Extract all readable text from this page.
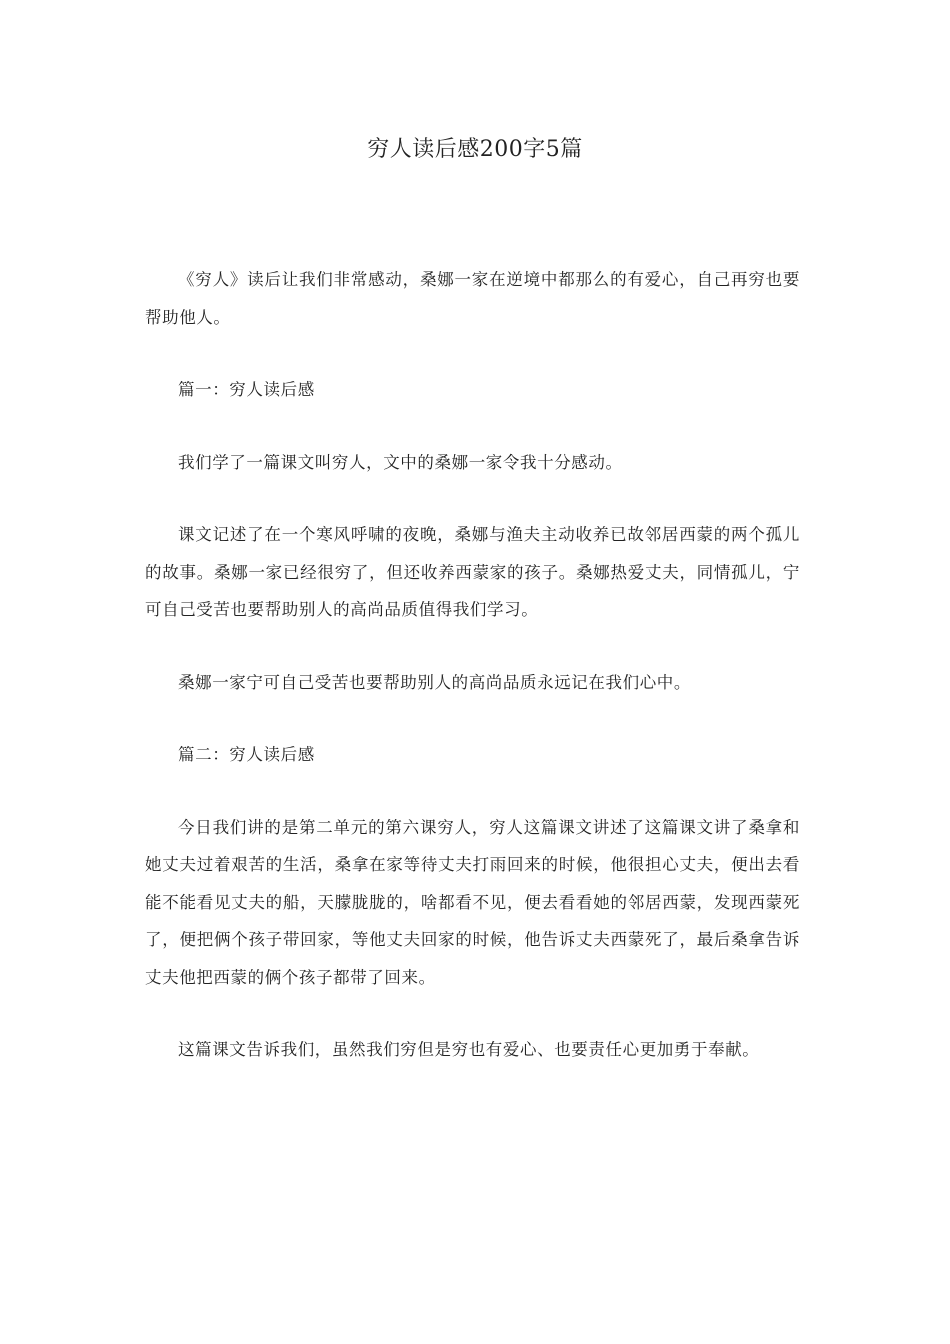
穷人读后感200字5篇

《穷人》读后让我们非常感动，桑娜一家在逆境中都那么的有爱心，自己再穷也要帮助他人。

篇一：穷人读后感

我们学了一篇课文叫穷人，文中的桑娜一家令我十分感动。

课文记述了在一个寒风呼啸的夜晚，桑娜与渔夫主动收养已故邻居西蒙的两个孤儿的故事。桑娜一家已经很穷了，但还收养西蒙家的孩子。桑娜热爱丈夫，同情孤儿，宁可自己受苦也要帮助别人的高尚品质值得我们学习。

桑娜一家宁可自己受苦也要帮助别人的高尚品质永远记在我们心中。

篇二：穷人读后感

今日我们讲的是第二单元的第六课穷人，穷人这篇课文讲述了这篇课文讲了桑拿和她丈夫过着艰苦的生活，桑拿在家等待丈夫打雨回来的时候，他很担心丈夫，便出去看能不能看见丈夫的船，天朦胧胧的，啥都看不见，便去看看她的邻居西蒙，发现西蒙死了，便把俩个孩子带回家，等他丈夫回家的时候，他告诉丈夫西蒙死了，最后桑拿告诉丈夫他把西蒙的俩个孩子都带了回来。

这篇课文告诉我们，虽然我们穷但是穷也有爱心、也要责任心更加勇于奉献。
